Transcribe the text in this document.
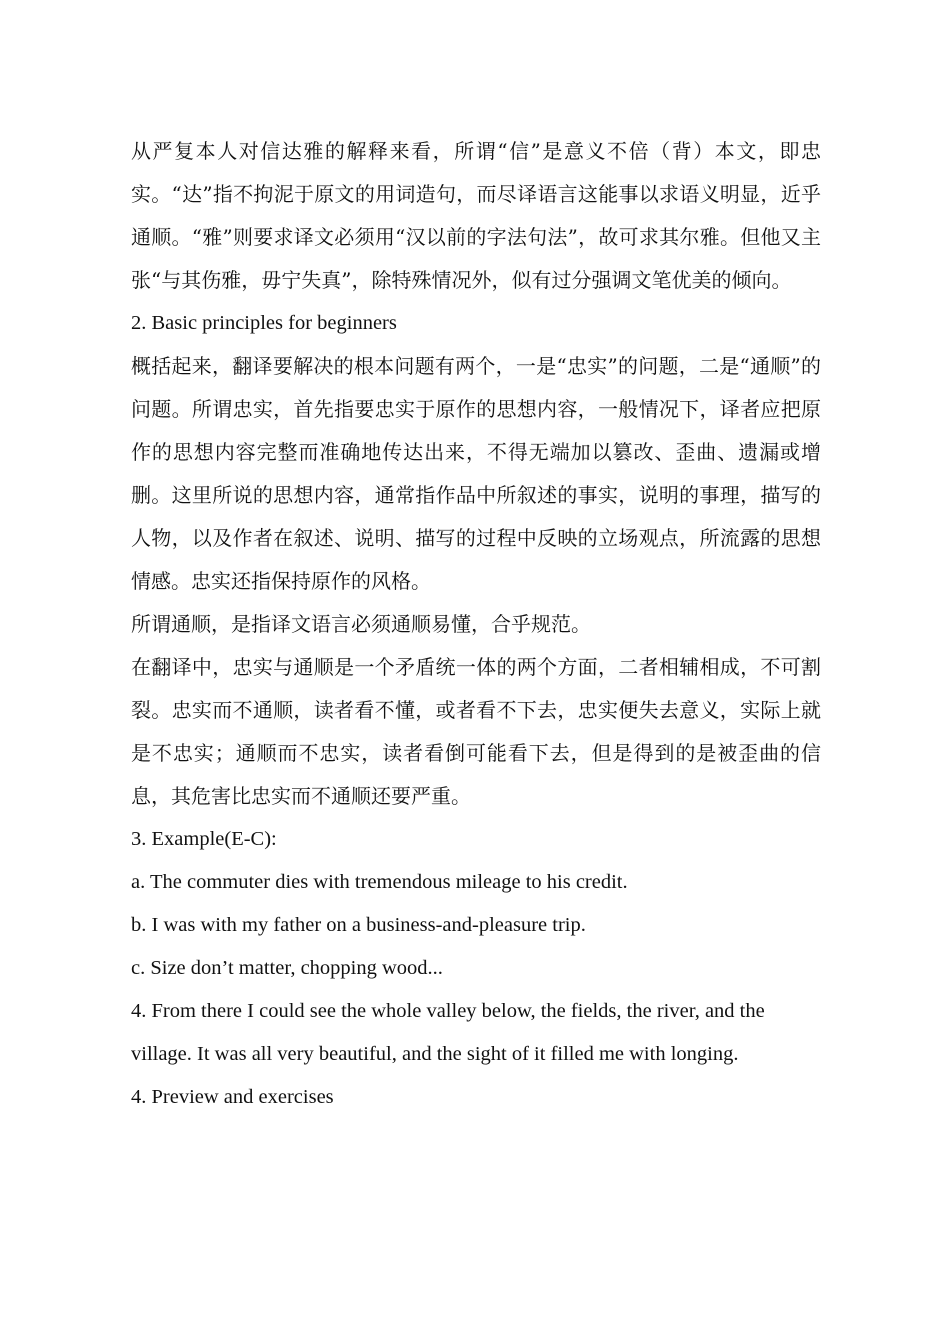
从严复本人对信达雅的解释来看，所谓“信”是意义不倍（背）本文，即忠实。“达”指不拘泥于原文的用词造句，而尽译语言这能事以求语义明显，近乎通顺。“雅”则要求译文必须用“汉以前的字法句法”，故可求其尔雅。但他又主张“与其伤雅，毋宁失真”，除特殊情况外，似有过分强调文笔优美的倾向。

2. Basic principles for beginners

概括起来，翻译要解决的根本问题有两个，一是“忠实”的问题，二是“通顺”的问题。所谓忠实，首先指要忠实于原作的思想内容，一般情况下，译者应把原作的思想内容完整而准确地传达出来，不得无端加以篡改、歪曲、遗漏或增删。这里所说的思想内容，通常指作品中所叙述的事实，说明的事理，描写的人物，以及作者在叙述、说明、描写的过程中反映的立场观点，所流露的思想情感。忠实还指保持原作的风格。

所谓通顺，是指译文语言必须通顺易懂，合乎规范。

在翻译中，忠实与通顺是一个矛盾统一体的两个方面，二者相辅相成，不可割裂。忠实而不通顺，读者看不懂，或者看不下去，忠实便失去意义，实际上就是不忠实；通顺而不忠实，读者看倒可能看下去，但是得到的是被歪曲的信息，其危害比忠实而不通顺还要严重。

3. Example(E-C):

a. The commuter dies with tremendous mileage to his credit.

b. I was with my father on a business-and-pleasure trip.

c. Size don’t matter, chopping wood...

4. From there I could see the whole valley below, the fields, the river, and the village. It was all very beautiful, and the sight of it filled me with longing.

4. Preview and exercises
